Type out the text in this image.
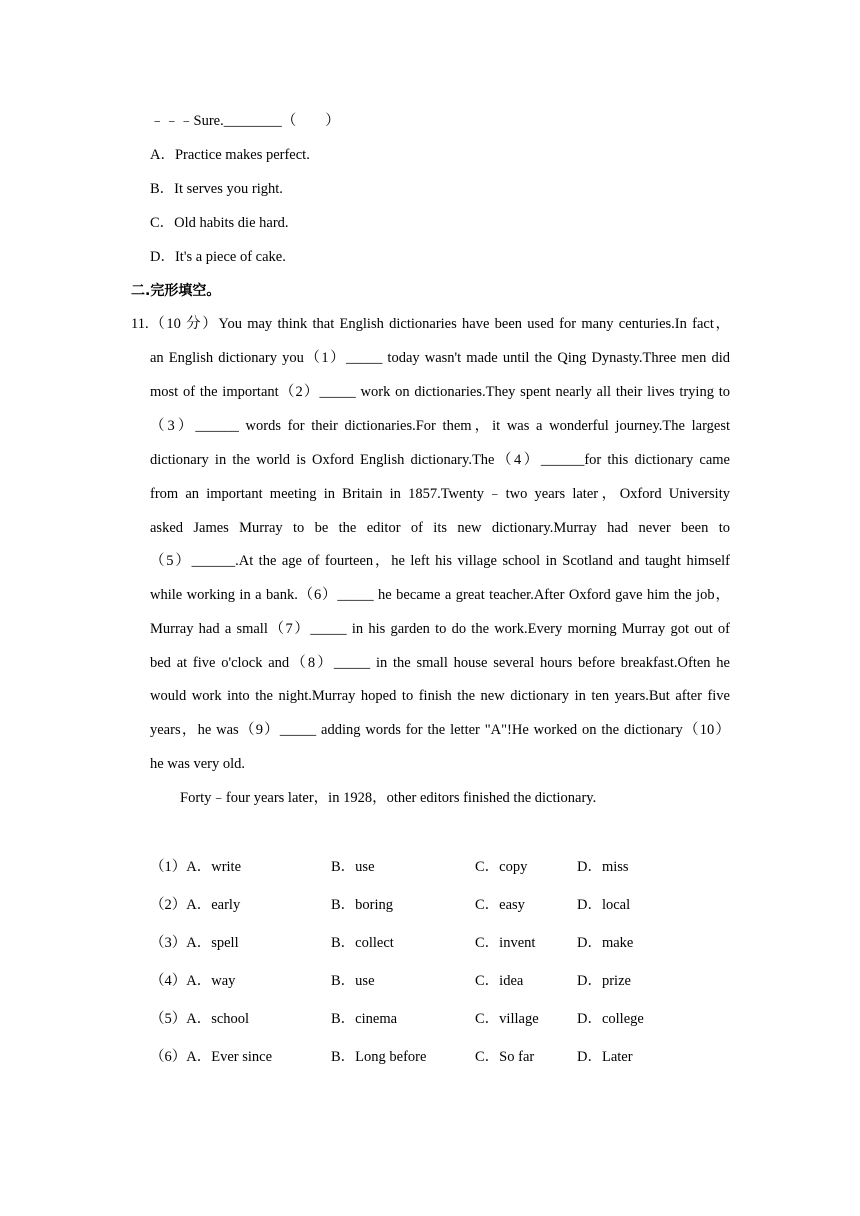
﹣﹣﹣Sure.________（　　）
A．Practice makes perfect.
B．It serves you right.
C．Old habits die hard.
D．It's a piece of cake.
二.完形填空。
11.（10 分）You may think that English dictionaries have been used for many centuries.In fact，
an English dictionary you（1）_____ today wasn't made until the Qing Dynasty.Three men did
most of the important（2）_____ work on dictionaries.They spent nearly all their lives trying to
（3）______ words for their dictionaries.For them，it was a wonderful journey.The largest
dictionary in the world is Oxford English dictionary.The（4）______for this dictionary came
from an important meeting in Britain in 1857.Twenty﹣two years later，Oxford University
asked James Murray to be the editor of its new dictionary.Murray had never been to
（5）______.At the age of fourteen，he left his village school in Scotland and taught himself
while working in a bank.（6）_____ he became a great teacher.After Oxford gave him the job，
Murray had a small（7）_____ in his garden to do the work.Every morning Murray got out of
bed at five o'clock and（8）_____ in the small house several hours before breakfast.Often he
would work into the night.Murray hoped to finish the new dictionary in ten years.But after five
years，he was（9）_____ adding words for the letter "A"!He worked on the dictionary（10）
he was very old.
Forty﹣four years later，in 1928，other editors finished the dictionary.
（1）A．write	B．use	C．copy	D．miss
（2）A．early	B．boring	C．easy	D．local
（3）A．spell	B．collect	C．invent	D．make
（4）A．way	B．use	C．idea	D．prize
（5）A．school	B．cinema	C．village	D．college
（6）A．Ever since	B．Long before	C．So far	D．Later
